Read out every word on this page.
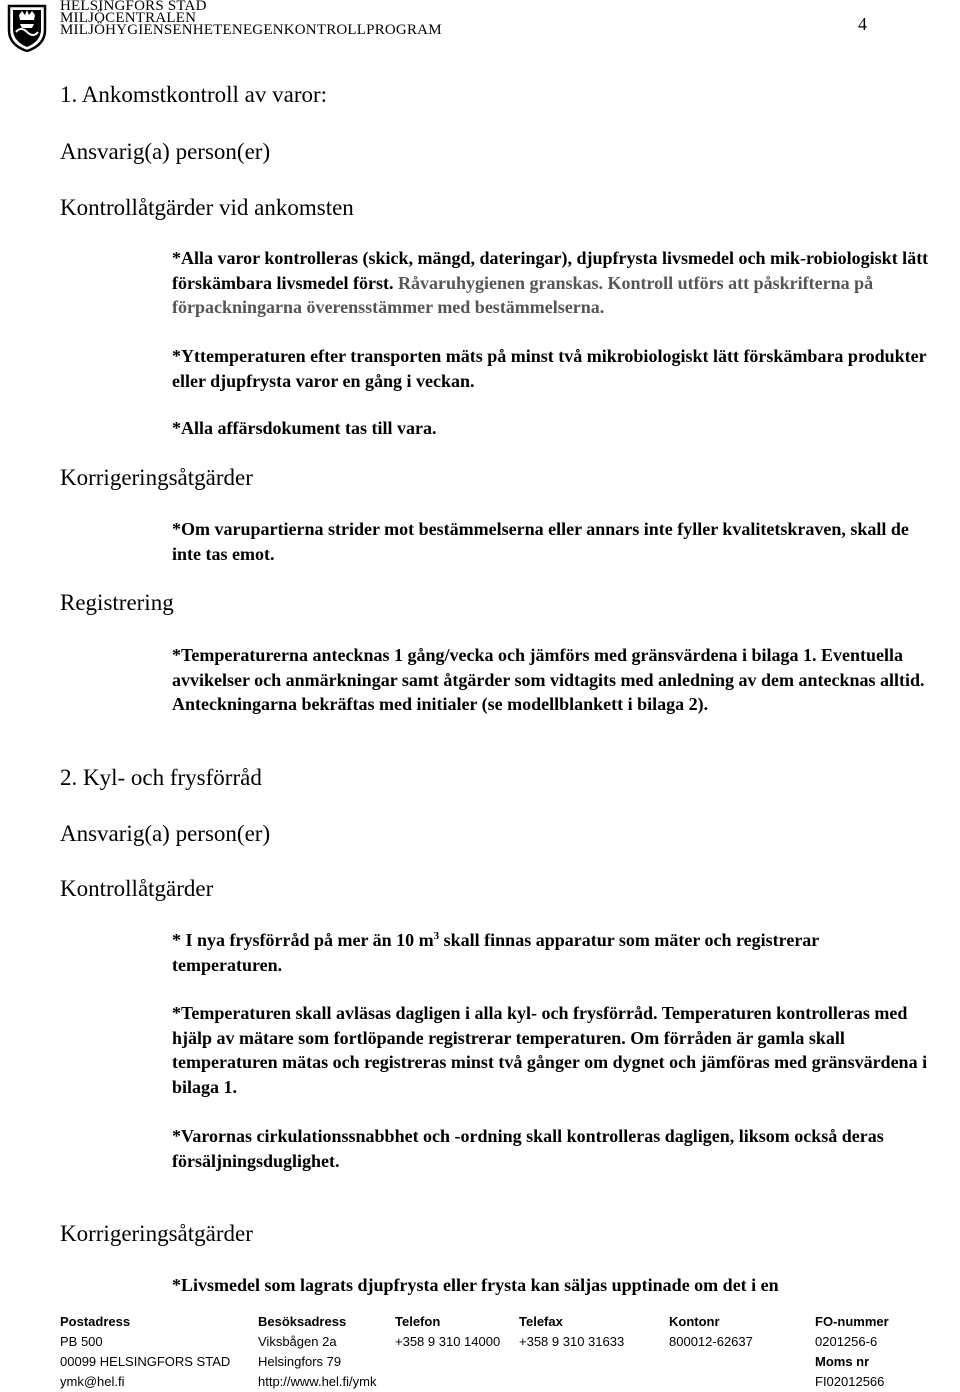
HELSINGFORS STAD
MILJÖCENTRALEN
MILJÖHYGIENSENHETENEGENKONTROLLPROGRAM	4
1. Ankomstkontroll av varor:
Ansvarig(a) person(er)
Kontrollåtgärder vid ankomsten
*Alla varor kontrolleras (skick, mängd, dateringar), djupfrysta livsmedel och mik-robiologiskt lätt förskämbara livsmedel först. Råvaruhygienen granskas. Kontroll utförs att påskrifterna på förpackningarna överensstämmer med bestämmelserna.
*Yttemperaturen efter transporten mäts på minst två mikrobiologiskt lätt förskämbara produkter eller djupfrysta varor en gång i veckan.
*Alla affärsdokument tas till vara.
Korrigeringsåtgärder
*Om varupartierna strider mot bestämmelserna eller annars inte fyller kvalitetskraven, skall de inte tas emot.
Registrering
*Temperaturerna antecknas 1 gång/vecka och jämförs med gränsvärdena i bilaga 1. Eventuella avvikelser och anmärkningar samt åtgärder som vidtagits med anledning av dem antecknas alltid. Anteckningarna bekräftas med initialer (se modellblankett i bilaga 2).
2. Kyl- och frysförråd
Ansvarig(a) person(er)
Kontrollåtgärder
* I nya frysförråd på mer än 10 $m^3$ skall finnas apparatur som mäter och registrerar temperaturen.
*Temperaturen skall avläsas dagligen i alla kyl- och frysförråd. Temperaturen kontrolleras med hjälp av mätare som fortlöpande registrerar temperaturen. Om förråden är gamla skall temperaturen mätas och registreras minst två gånger om dygnet och jämföras med gränsvärdena i bilaga 1.
*Varornas cirkulationssnabbhet och -ordning skall kontrolleras dagligen, liksom också deras försäljningsduglighet.
Korrigeringsåtgärder
*Livsmedel som lagrats djupfrysta eller frysta kan säljas upptinade om det i en
Postadress
PB 500
00099 HELSINGFORS STAD
ymk@hel.fi
Besöksadress
Viksbågen 2a
Helsingfors 79
http://www.hel.fi/ymk
Telefon
+358 9 310 14000
Telefax
+358 9 310 31633
Kontonr
800012-62637
FO-nummer
0201256-6
Moms nr
FI02012566
